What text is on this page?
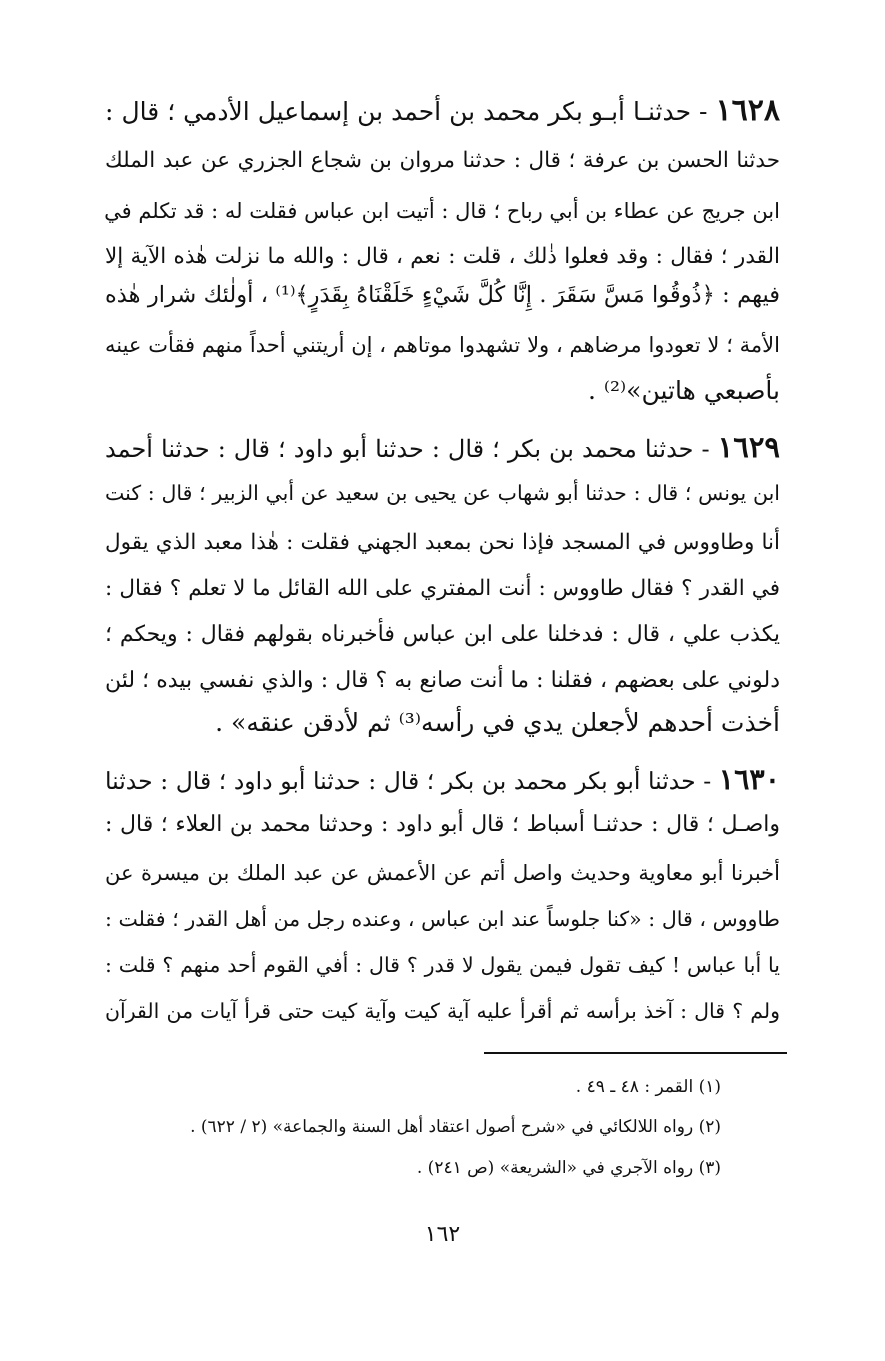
١٦٢٨ - حدثنـا أبـو بكر محمد بن أحمد بن إسماعيل الأدمي ؛ قال :
حدثنا الحسن بن عرفة ؛ قال : حدثنا مروان بن شجاع الجزري عن عبد الملك
ابن جريج عن عطاء بن أبي رباح ؛ قال : أتيت ابن عباس فقلت له : قد تكلم في
القدر ؛ فقال : وقد فعلوا ذٰلك ، قلت : نعم ، قال : والله ما نزلت هٰذه الآية إلا
فيهم : ﴿ذُوقُوا مَسَّ سَقَرَ . إِنَّا كُلَّ شَيْءٍ خَلَقْنَاهُ بِقَدَرٍ﴾⁽¹⁾ ، أولٰئك شرار هٰذه
الأمة ؛ لا تعودوا مرضاهم ، ولا تشهدوا موتاهم ، إن أريتني أحداً منهم فقأت عينه
بأصبعي هاتين»⁽²⁾ .
١٦٢٩ - حدثنا محمد بن بكر ؛ قال : حدثنا أبو داود ؛ قال : حدثنا أحمد
ابن يونس ؛ قال : حدثنا أبو شهاب عن يحيى بن سعيد عن أبي الزبير ؛ قال : كنت
أنا وطاووس في المسجد فإذا نحن بمعبد الجهني فقلت : هٰذا معبد الذي يقول
في القدر ؟ فقال طاووس : أنت المفتري على الله القائل ما لا تعلم ؟ فقال :
يكذب علي ، قال : فدخلنا على ابن عباس فأخبرناه بقولهم فقال : ويحكم ؛
دلوني على بعضهم ، فقلنا : ما أنت صانع به ؟ قال : والذي نفسي بيده ؛ لئن
أخذت أحدهم لأجعلن يدي في رأسه⁽³⁾ ثم لأدقن عنقه» .
١٦٣٠ - حدثنا أبو بكر محمد بن بكر ؛ قال : حدثنا أبو داود ؛ قال : حدثنا
واصـل ؛ قال : حدثنـا أسباط ؛ قال أبو داود : وحدثنا محمد بن العلاء ؛ قال :
أخبرنا أبو معاوية وحديث واصل أتم عن الأعمش عن عبد الملك بن ميسرة عن
طاووس ، قال : «كنا جلوساً عند ابن عباس ، وعنده رجل من أهل القدر ؛ فقلت :
يا أبا عباس ! كيف تقول فيمن يقول لا قدر ؟ قال : أفي القوم أحد منهم ؟ قلت :
ولم ؟ قال : آخذ برأسه ثم أقرأ عليه آية كيت وآية كيت حتى قرأ آيات من القرآن
(١) القمر : ٤٨ ـ ٤٩ .
(٢) رواه اللالكائي في «شرح أصول اعتقاد أهل السنة والجماعة» (٢ / ٦٢٢) .
(٣) رواه الآجري في «الشريعة» (ص ٢٤١) .
١٦٢
